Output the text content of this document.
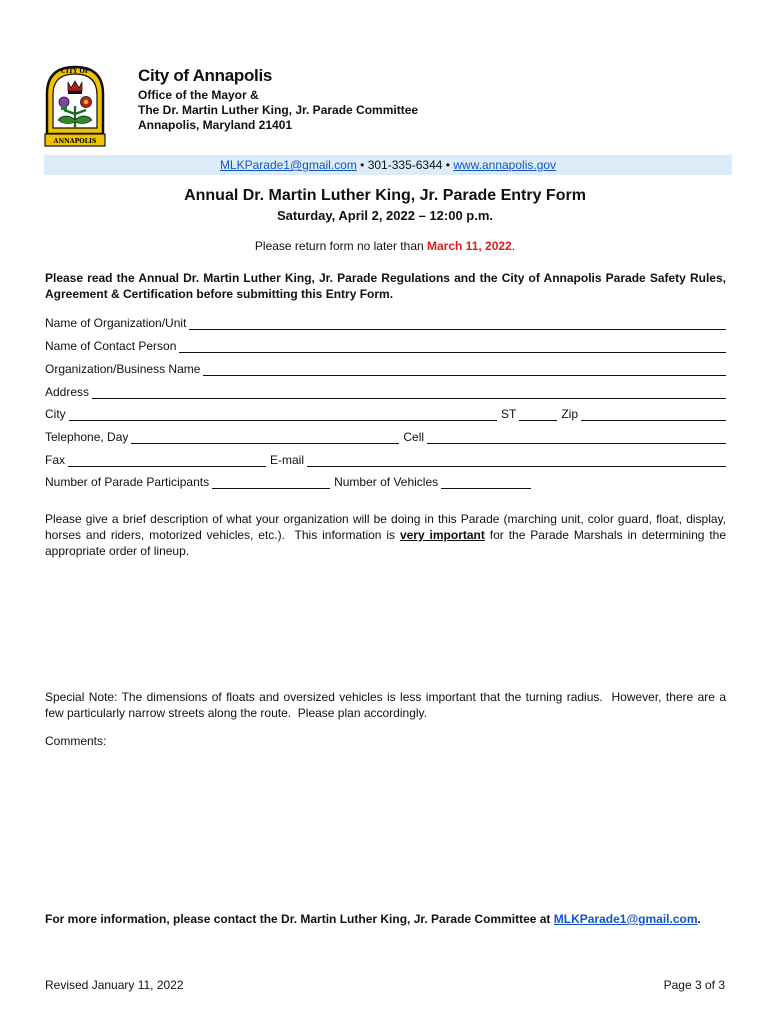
CITY OF
ANNAPOLIS
City of Annapolis
Office of the Mayor &
The Dr. Martin Luther King, Jr. Parade Committee
Annapolis, Maryland 21401
MLKParade1@gmail.com • 301-335-6344 • www.annapolis.gov
Annual Dr. Martin Luther King, Jr. Parade Entry Form
Saturday, April 2, 2022 – 12:00 p.m.
Please return form no later than March 11, 2022.
Please read the Annual Dr. Martin Luther King, Jr. Parade Regulations and the City of Annapolis Parade Safety Rules, Agreement & Certification before submitting this Entry Form.
Name of Organization/Unit
Name of Contact Person
Organization/Business Name
Address
City	ST	Zip
Telephone, Day	Cell
Fax	E-mail
Number of Parade Participants	Number of Vehicles
Please give a brief description of what your organization will be doing in this Parade (marching unit, color guard, float, display, horses and riders, motorized vehicles, etc.).  This information is very important for the Parade Marshals in determining the appropriate order of lineup.
Special Note: The dimensions of floats and oversized vehicles is less important that the turning radius.  However, there are a few particularly narrow streets along the route.  Please plan accordingly.
Comments:
For more information, please contact the Dr. Martin Luther King, Jr. Parade Committee at MLKParade1@gmail.com.
Revised January 11, 2022	Page 3 of 3
